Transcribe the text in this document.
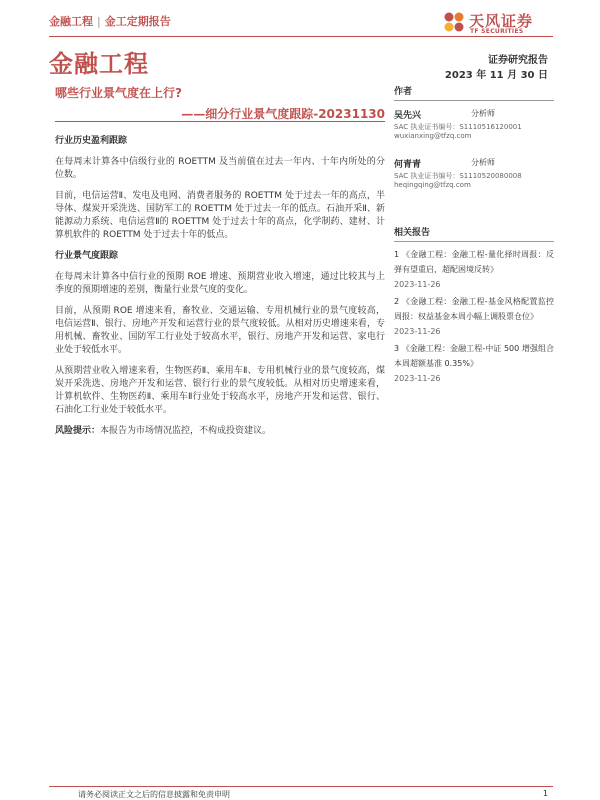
金融工程 | 金工定期报告	天风证券
TF SECURITIES
金融工程	证券研究报告
2023 年 11 月 30 日
哪些行业景气度在上行?
——细分行业景气度跟踪-20231130
行业历史盈利跟踪

在每周末计算各中信级行业的 ROETTM 及当前值在过去一年内、十年内所处的分位数。

目前，电信运营Ⅱ、发电及电网、消费者服务的 ROETTM 处于过去一年的高点，半导体、煤炭开采洗选、国防军工的 ROETTM 处于过去一年的低点。石油开采Ⅱ、新能源动力系统、电信运营Ⅱ的 ROETTM 处于过去十年的高点，化学制药、建材、计算机软件的 ROETTM 处于过去十年的低点。

行业景气度跟踪

在每周末计算各中信行业的预期 ROE 增速、预期营业收入增速，通过比较其与上季度的预期增速的差别，衡量行业景气度的变化。

目前，从预期 ROE 增速来看，畜牧业、交通运输、专用机械行业的景气度较高，电信运营Ⅱ、银行、房地产开发和运营行业的景气度较低。从相对历史增速来看，专用机械、畜牧业、国防军工行业处于较高水平，银行、房地产开发和运营、家电行业处于较低水平。

从预期营业收入增速来看，生物医药Ⅱ、乘用车Ⅱ、专用机械行业的景气度较高，煤炭开采洗选、房地产开发和运营、银行行业的景气度较低。从相对历史增速来看，计算机软件、生物医药Ⅱ、乘用车Ⅱ行业处于较高水平，房地产开发和运营、银行、石油化工行业处于较低水平。

风险提示：本报告为市场情况监控，不构成投资建议。

作者
吴先兴	分析师
SAC 执业证书编号：S1110516120001
wuxianxing@tfzq.com
何青青	分析师
SAC 执业证书编号：S1110520080008
heqingqing@tfzq.com
相关报告
1 《金融工程：金融工程-量化择时周报：反弹有望重启，超配困境反转》
2023-11-26
2 《金融工程：金融工程-基金风格配置监控周报：权益基金本周小幅上调股票仓位》
2023-11-26
3 《金融工程：金融工程-中证 500 增强组合本周超额基准 0.35%》
2023-11-26
请务必阅读正文之后的信息披露和免责申明	1
